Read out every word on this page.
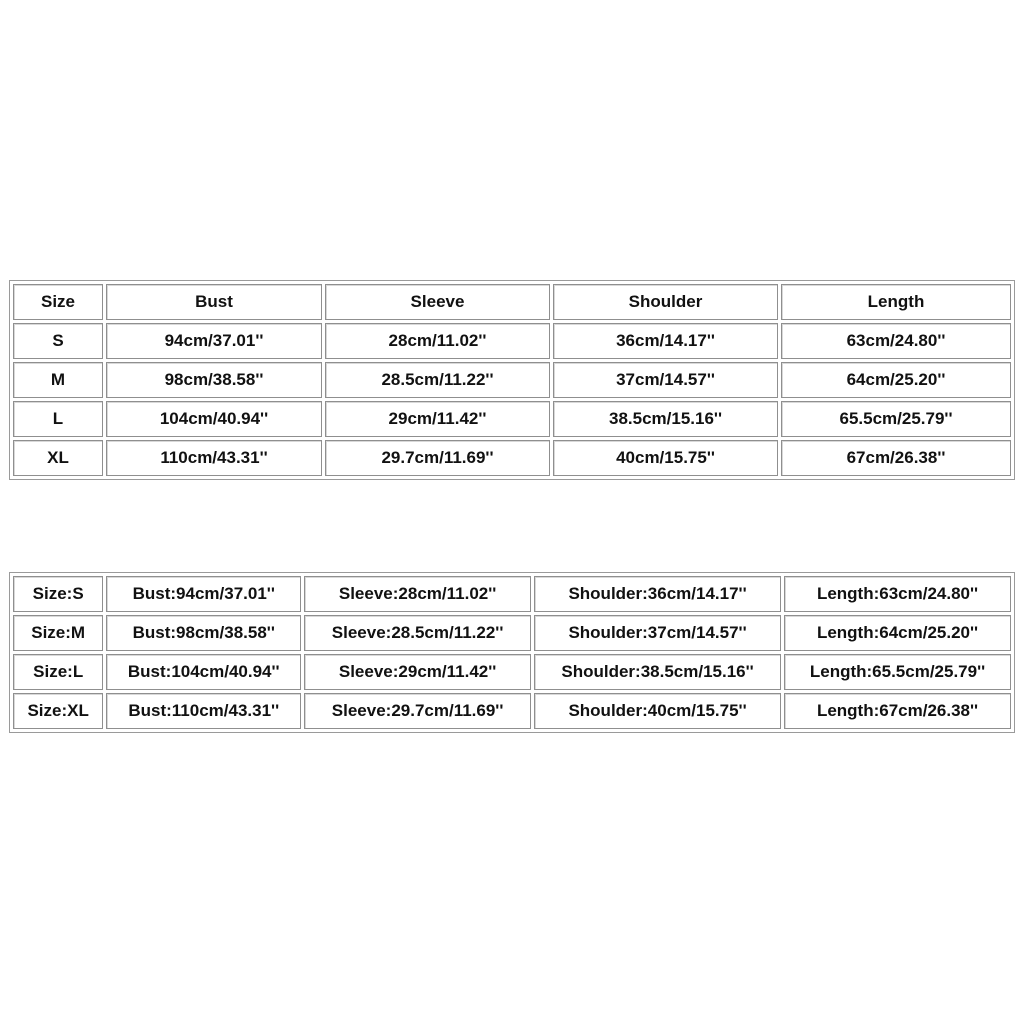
Size	Bust	Sleeve	Shoulder	Length
S	94cm/37.01''	28cm/11.02''	36cm/14.17''	63cm/24.80''
M	98cm/38.58''	28.5cm/11.22''	37cm/14.57''	64cm/25.20''
L	104cm/40.94''	29cm/11.42''	38.5cm/15.16''	65.5cm/25.79''
XL	110cm/43.31''	29.7cm/11.69''	40cm/15.75''	67cm/26.38''
Size:S	Bust:94cm/37.01''	Sleeve:28cm/11.02''	Shoulder:36cm/14.17''	Length:63cm/24.80''
Size:M	Bust:98cm/38.58''	Sleeve:28.5cm/11.22''	Shoulder:37cm/14.57''	Length:64cm/25.20''
Size:L	Bust:104cm/40.94''	Sleeve:29cm/11.42''	Shoulder:38.5cm/15.16''	Length:65.5cm/25.79''
Size:XL	Bust:110cm/43.31''	Sleeve:29.7cm/11.69''	Shoulder:40cm/15.75''	Length:67cm/26.38''
